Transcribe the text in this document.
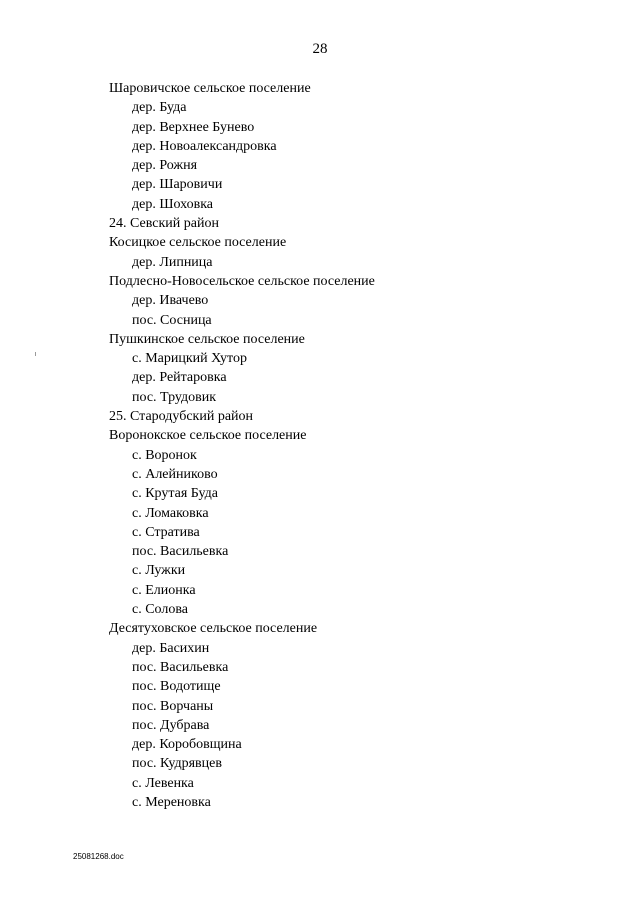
28
Шаровичское сельское поселение
дер. Буда
дер. Верхнее Бунево
дер. Новоалександровка
дер. Рожня
дер. Шаровичи
дер. Шоховка
24. Севский район
Косицкое сельское поселение
дер. Липница
Подлесно-Новосельское сельское поселение
дер. Ивачево
пос. Сосница
Пушкинское сельское поселение
с. Марицкий Хутор
дер. Рейтаровка
пос. Трудовик
25. Стародубский район
Воронокское сельское поселение
с. Воронок
с. Алейниково
с. Крутая Буда
с. Ломаковка
с. Стратива
пос. Васильевка
с. Лужки
с. Елионка
с. Солова
Десятуховское сельское поселение
дер. Басихин
пос. Васильевка
пос. Водотище
пос. Ворчаны
пос. Дубрава
дер. Коробовщина
пос. Кудрявцев
с. Левенка
с. Мереновка
25081268.doc
